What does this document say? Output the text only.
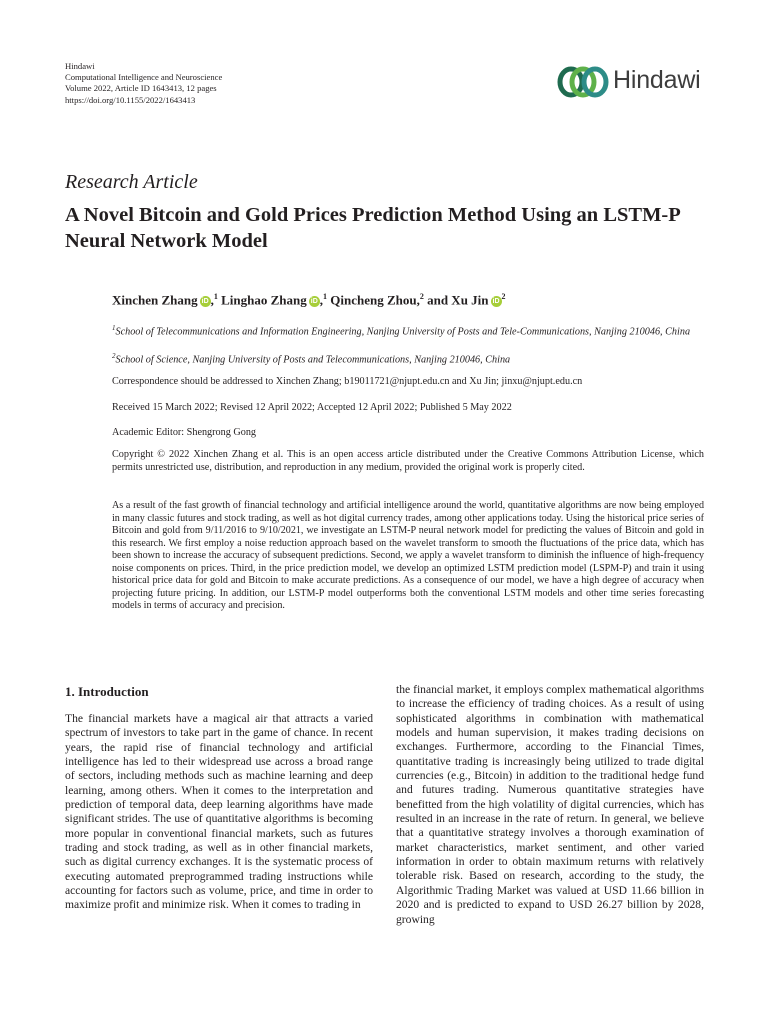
Hindawi
Computational Intelligence and Neuroscience
Volume 2022, Article ID 1643413, 12 pages
https://doi.org/10.1155/2022/1643413
Hindawi
Research Article
A Novel Bitcoin and Gold Prices Prediction Method Using an LSTM-P Neural Network Model
Xinchen Zhang iD ,$^1$ Linghao Zhang iD ,$^1$ Qincheng Zhou,$^2$ and Xu Jin $iD^2$
$^1$School of Telecommunications and Information Engineering, Nanjing University of Posts and Tele-Communications, Nanjing 210046, China
$^2$School of Science, Nanjing University of Posts and Telecommunications, Nanjing 210046, China
Correspondence should be addressed to Xinchen Zhang; b19011721@njupt.edu.cn and Xu Jin; jinxu@njupt.edu.cn
Received 15 March 2022; Revised 12 April 2022; Accepted 12 April 2022; Published 5 May 2022
Academic Editor: Shengrong Gong
Copyright © 2022 Xinchen Zhang et al. This is an open access article distributed under the Creative Commons Attribution License, which permits unrestricted use, distribution, and reproduction in any medium, provided the original work is properly cited.
As a result of the fast growth of financial technology and artificial intelligence around the world, quantitative algorithms are now being employed in many classic futures and stock trading, as well as hot digital currency trades, among other applications today. Using the historical price series of Bitcoin and gold from 9/11/2016 to 9/10/2021, we investigate an LSTM-P neural network model for predicting the values of Bitcoin and gold in this research. We first employ a noise reduction approach based on the wavelet transform to smooth the fluctuations of the price data, which has been shown to increase the accuracy of subsequent predictions. Second, we apply a wavelet transform to diminish the influence of high-frequency noise components on prices. Third, in the price prediction model, we develop an optimized LSTM prediction model (LSPM-P) and train it using historical price data for gold and Bitcoin to make accurate predictions. As a consequence of our model, we have a high degree of accuracy when projecting future pricing. In addition, our LSTM-P model outperforms both the conventional LSTM models and other time series forecasting models in terms of accuracy and precision.
1. Introduction
The financial markets have a magical air that attracts a varied spectrum of investors to take part in the game of chance. In recent years, the rapid rise of financial technology and artificial intelligence has led to their widespread use across a broad range of sectors, including methods such as machine learning and deep learning, among others. When it comes to the interpretation and prediction of temporal data, deep learning algorithms have made significant strides. The use of quantitative algorithms is becoming more popular in conventional financial markets, such as futures trading and stock trading, as well as in other financial markets, such as digital currency exchanges. It is the systematic process of executing automated preprogrammed trading instructions while accounting for factors such as volume, price, and time in order to maximize profit and minimize risk. When it comes to trading in
the financial market, it employs complex mathematical algorithms to increase the efficiency of trading choices. As a result of using sophisticated algorithms in combination with mathematical models and human supervision, it makes trading decisions on exchanges. Furthermore, according to the Financial Times, quantitative trading is increasingly being utilized to trade digital currencies (e.g., Bitcoin) in addition to the traditional hedge fund and futures trading. Numerous quantitative strategies have benefitted from the high volatility of digital currencies, which has resulted in an increase in the rate of return. In general, we believe that a quantitative strategy involves a thorough examination of market characteristics, market sentiment, and other varied information in order to obtain maximum returns with relatively tolerable risk. Based on research, according to the study, the Algorithmic Trading Market was valued at USD 11.66 billion in 2020 and is predicted to expand to USD 26.27 billion by 2028, growing
